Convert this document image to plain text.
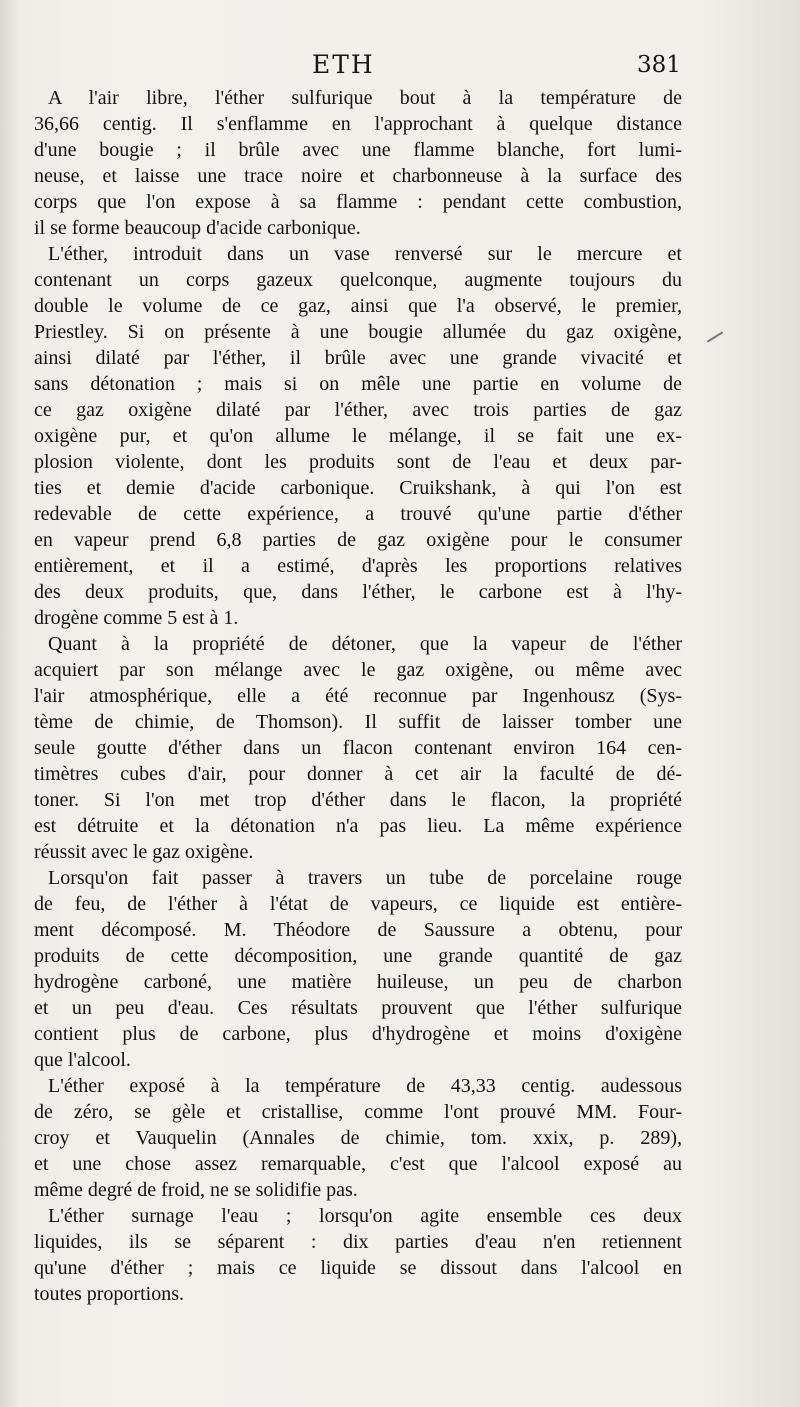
ETH	381
A l'air libre, l'éther sulfurique bout à la température de
36,66 centig. Il s'enflamme en l'approchant à quelque distance
d'une bougie ; il brûle avec une flamme blanche, fort lumi-
neuse, et laisse une trace noire et charbonneuse à la surface des
corps que l'on expose à sa flamme : pendant cette combustion,
il se forme beaucoup d'acide carbonique.
L'éther, introduit dans un vase renversé sur le mercure et
contenant un corps gazeux quelconque, augmente toujours du
double le volume de ce gaz, ainsi que l'a observé, le premier,
Priestley. Si on présente à une bougie allumée du gaz oxigène,
ainsi dilaté par l'éther, il brûle avec une grande vivacité et
sans détonation ; mais si on mêle une partie en volume de
ce gaz oxigène dilaté par l'éther, avec trois parties de gaz
oxigène pur, et qu'on allume le mélange, il se fait une ex-
plosion violente, dont les produits sont de l'eau et deux par-
ties et demie d'acide carbonique. Cruikshank, à qui l'on est
redevable de cette expérience, a trouvé qu'une partie d'éther
en vapeur prend 6,8 parties de gaz oxigène pour le consumer
entièrement, et il a estimé, d'après les proportions relatives
des deux produits, que, dans l'éther, le carbone est à l'hy-
drogène comme 5 est à 1.
Quant à la propriété de détoner, que la vapeur de l'éther
acquiert par son mélange avec le gaz oxigène, ou même avec
l'air atmosphérique, elle a été reconnue par Ingenhousz (Sys-
tème de chimie, de Thomson). Il suffit de laisser tomber une
seule goutte d'éther dans un flacon contenant environ 164 cen-
timètres cubes d'air, pour donner à cet air la faculté de dé-
toner. Si l'on met trop d'éther dans le flacon, la propriété
est détruite et la détonation n'a pas lieu. La même expérience
réussit avec le gaz oxigène.
Lorsqu'on fait passer à travers un tube de porcelaine rouge
de feu, de l'éther à l'état de vapeurs, ce liquide est entière-
ment décomposé. M. Théodore de Saussure a obtenu, pour
produits de cette décomposition, une grande quantité de gaz
hydrogène carboné, une matière huileuse, un peu de charbon
et un peu d'eau. Ces résultats prouvent que l'éther sulfurique
contient plus de carbone, plus d'hydrogène et moins d'oxigène
que l'alcool.
L'éther exposé à la température de 43,33 centig. audessous
de zéro, se gèle et cristallise, comme l'ont prouvé MM. Four-
croy et Vauquelin (Annales de chimie, tom. xxix, p. 289),
et une chose assez remarquable, c'est que l'alcool exposé au
même degré de froid, ne se solidifie pas.
L'éther surnage l'eau ; lorsqu'on agite ensemble ces deux
liquides, ils se séparent : dix parties d'eau n'en retiennent
qu'une d'éther ; mais ce liquide se dissout dans l'alcool en
toutes proportions.
